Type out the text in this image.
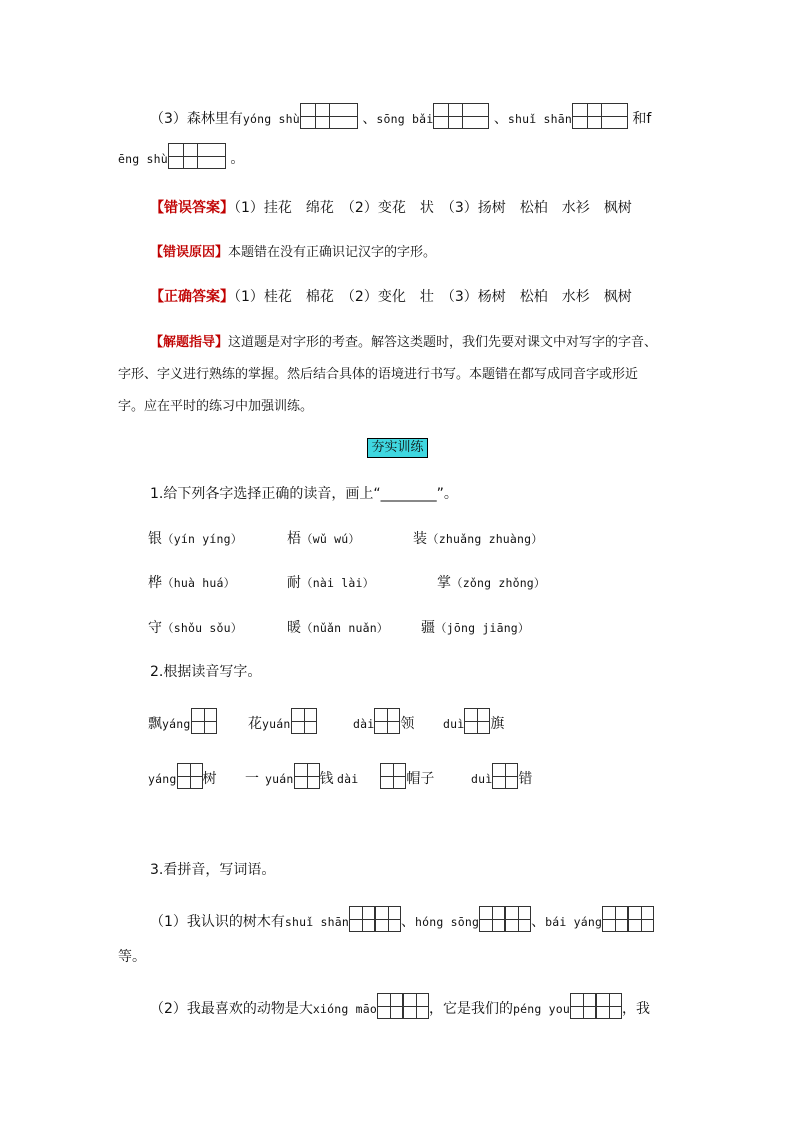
（3）森林里有yóng shù	、sōng bǎi	、shuǐ shān	和f
ēng shù	。
【错误答案】（1）挂花　绵花　（2）变花　状　（3）扬树　松柏　水衫　枫树
【错误原因】本题错在没有正确识记汉字的字形。
【正确答案】（1）桂花　棉花　（2）变化　壮　（3）杨树　松柏　水杉　枫树
【解题指导】这道题是对字形的考查。解答这类题时，我们先要对课文中对写字的字音、
字形、字义进行熟练的掌握。然后结合具体的语境进行书写。本题错在都写成同音字或形近
字。应在平时的练习中加强训练。
夯实训练
1.给下列各字选择正确的读音，画上“________”。
银（yín yíng）	梧（wǔ wú）	装（zhuǎng zhuàng）
桦（huà huá）	耐（nài lài）	掌（zǒng zhǒng）
守（shǒu sǒu）	暖（nǔǎn nuǎn） 疆（jōng jiāng）
2.根据读音写字。
飘yáng	花yuán	dài 领 duì 旗
yáng 树 一 yuán 钱 dài	帽子	duì 错
3.看拼音，写词语。
（1）我认识的树木有shuǐ shān	、hóng sōng	、bái yáng
等。
（2）我最喜欢的动物是大xióng māo	，它是我们的péng you	，我
